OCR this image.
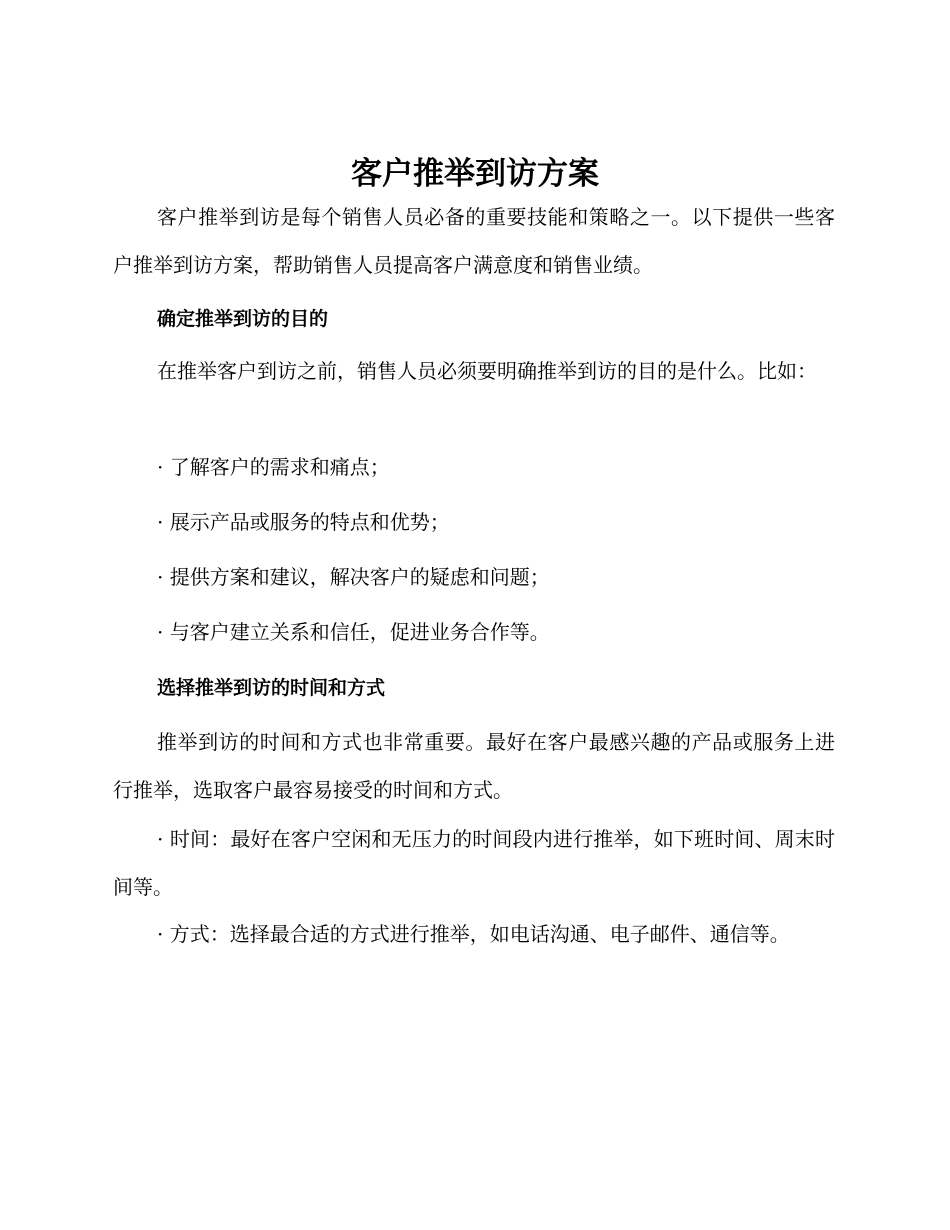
客户推举到访方案

客户推举到访是每个销售人员必备的重要技能和策略之一。以下提供一些客户推举到访方案，帮助销售人员提高客户满意度和销售业绩。

确定推举到访的目的

在推举客户到访之前，销售人员必须要明确推举到访的目的是什么。比如：

· 了解客户的需求和痛点；

· 展示产品或服务的特点和优势；

· 提供方案和建议，解决客户的疑虑和问题；

· 与客户建立关系和信任，促进业务合作等。

选择推举到访的时间和方式

推举到访的时间和方式也非常重要。最好在客户最感兴趣的产品或服务上进行推举，选取客户最容易接受的时间和方式。

· 时间：最好在客户空闲和无压力的时间段内进行推举，如下班时间、周末时间等。

· 方式：选择最合适的方式进行推举，如电话沟通、电子邮件、通信等。
